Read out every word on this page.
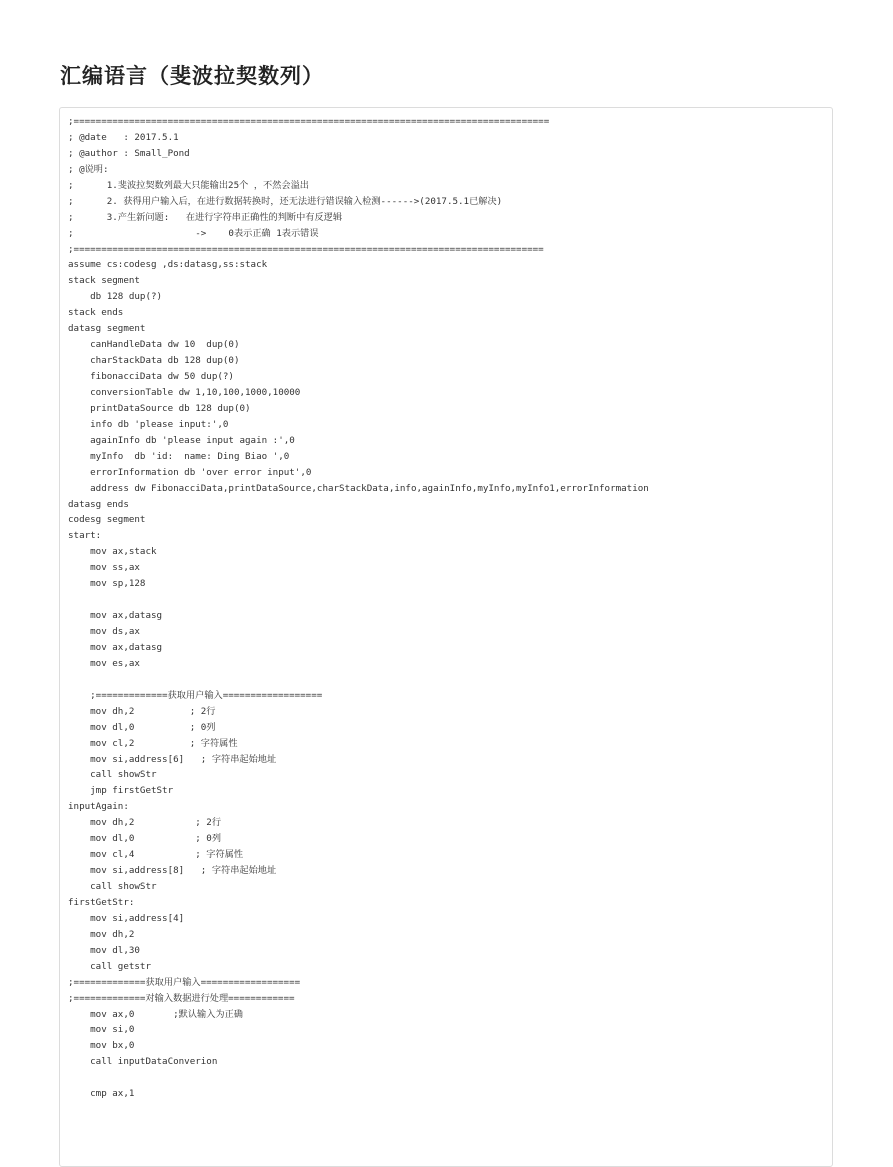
汇编语言（斐波拉契数列）
;======================================================================================
; @date   : 2017.5.1
; @author : Small_Pond
; @说明:
;      1.斐波拉契数列最大只能输出25个 ，不然会溢出
;      2. 获得用户输入后，在进行数据转换时，还无法进行错误输入检测------>(2017.5.1已解决)
;      3.产生新问题:   在进行字符串正确性的判断中有反逻辑
;                      ->    0表示正确 1表示错误
;=====================================================================================
assume cs:codesg ,ds:datasg,ss:stack
stack segment
db 128 dup(?)
stack ends
datasg segment
canHandleData dw 10  dup(0)
charStackData db 128 dup(0)
fibonacciData dw 50 dup(?)
conversionTable dw 1,10,100,1000,10000
printDataSource db 128 dup(0)
info db 'please input:',0
againInfo db 'please input again :',0
myInfo  db 'id:  name: Ding Biao ',0
errorInformation db 'over error input',0
address dw FibonacciData,printDataSource,charStackData,info,againInfo,myInfo,myInfo1,errorInformation
datasg ends
codesg segment
start:
mov ax,stack
mov ss,ax
mov sp,128
mov ax,datasg
mov ds,ax
mov ax,datasg
mov es,ax
;=============获取用户输入==================
mov dh,2          ; 2行
mov dl,0          ; 0列
mov cl,2          ; 字符属性
mov si,address[6]   ; 字符串起始地址
call showStr
jmp firstGetStr
inputAgain:
mov dh,2           ; 2行
mov dl,0           ; 0列
mov cl,4           ; 字符属性
mov si,address[8]   ; 字符串起始地址
call showStr
firstGetStr:
mov si,address[4]
mov dh,2
mov dl,30
call getstr
;=============获取用户输入==================
;=============对输入数据进行处理============
mov ax,0       ;默认输入为正确
mov si,0
mov bx,0
call inputDataConverion
cmp ax,1
